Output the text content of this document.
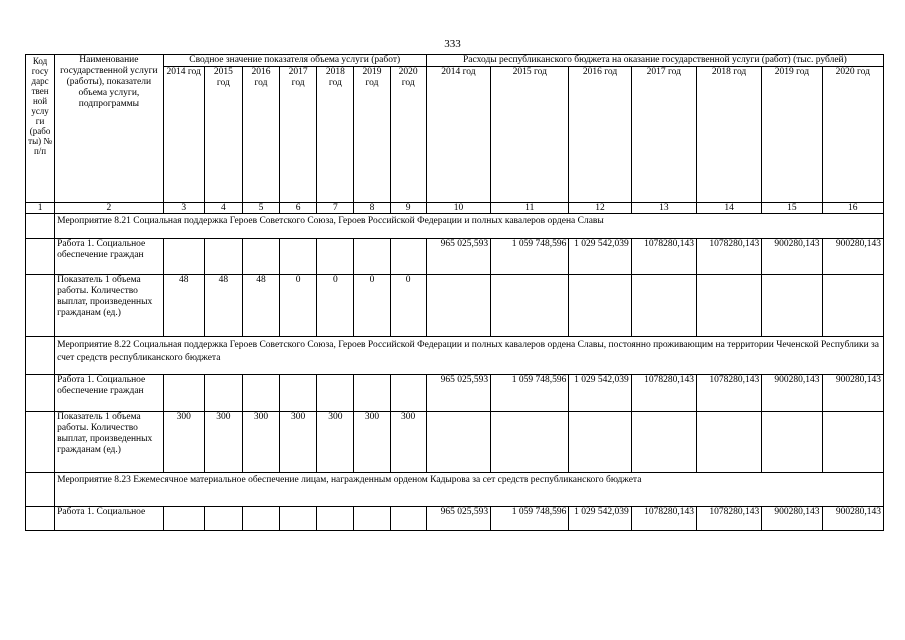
333
Код госу дарс твен ной услу ги (рабо ты) № п/п	Наименование государственной услуги (работы), показатели объема услуги, подпрограммы	Сводное значение показателя объема услуги (работ)							Расходы республиканского бюджета на оказание государственной услуги (работ) (тыс. рублей)						
		2014 год	2015 год	2016 год	2017 год	2018 год	2019 год	2020 год	2014 год	2015 год	2016 год	2017 год	2018 год	2019 год	2020 год
1	2	3	4	5	6	7	8	9	10	11	12	13	14	15	16
	Мероприятие 8.21 Социальная поддержка Героев Советского Союза, Героев Российской Федерации и полных кавалеров ордена Славы														
	Работа 1. Социальное обеспечение граждан								965 025,593	1 059 748,596	1 029 542,039	1078280,143	1078280,143	900280,143	900280,143
	Показатель 1 объема работы. Количество выплат, произведенных гражданам (ед.)	48	48	48	0	0	0	0							
	Мероприятие 8.22 Социальная поддержка Героев Советского Союза, Героев Российской Федерации и полных кавалеров ордена Славы, постоянно проживающим на территории Чеченской Республики за счет средств республиканского бюджета														
	Работа 1. Социальное обеспечение граждан								965 025,593	1 059 748,596	1 029 542,039	1078280,143	1078280,143	900280,143	900280,143
	Показатель 1 объема работы. Количество выплат, произведенных гражданам (ед.)	300	300	300	300	300	300	300							
	Мероприятие 8.23 Ежемесячное материальное обеспечение лицам, награжденным орденом Кадырова за сет средств республиканского бюджета														
	Работа 1. Социальное								965 025,593	1 059 748,596	1 029 542,039	1078280,143	1078280,143	900280,143	900280,143
